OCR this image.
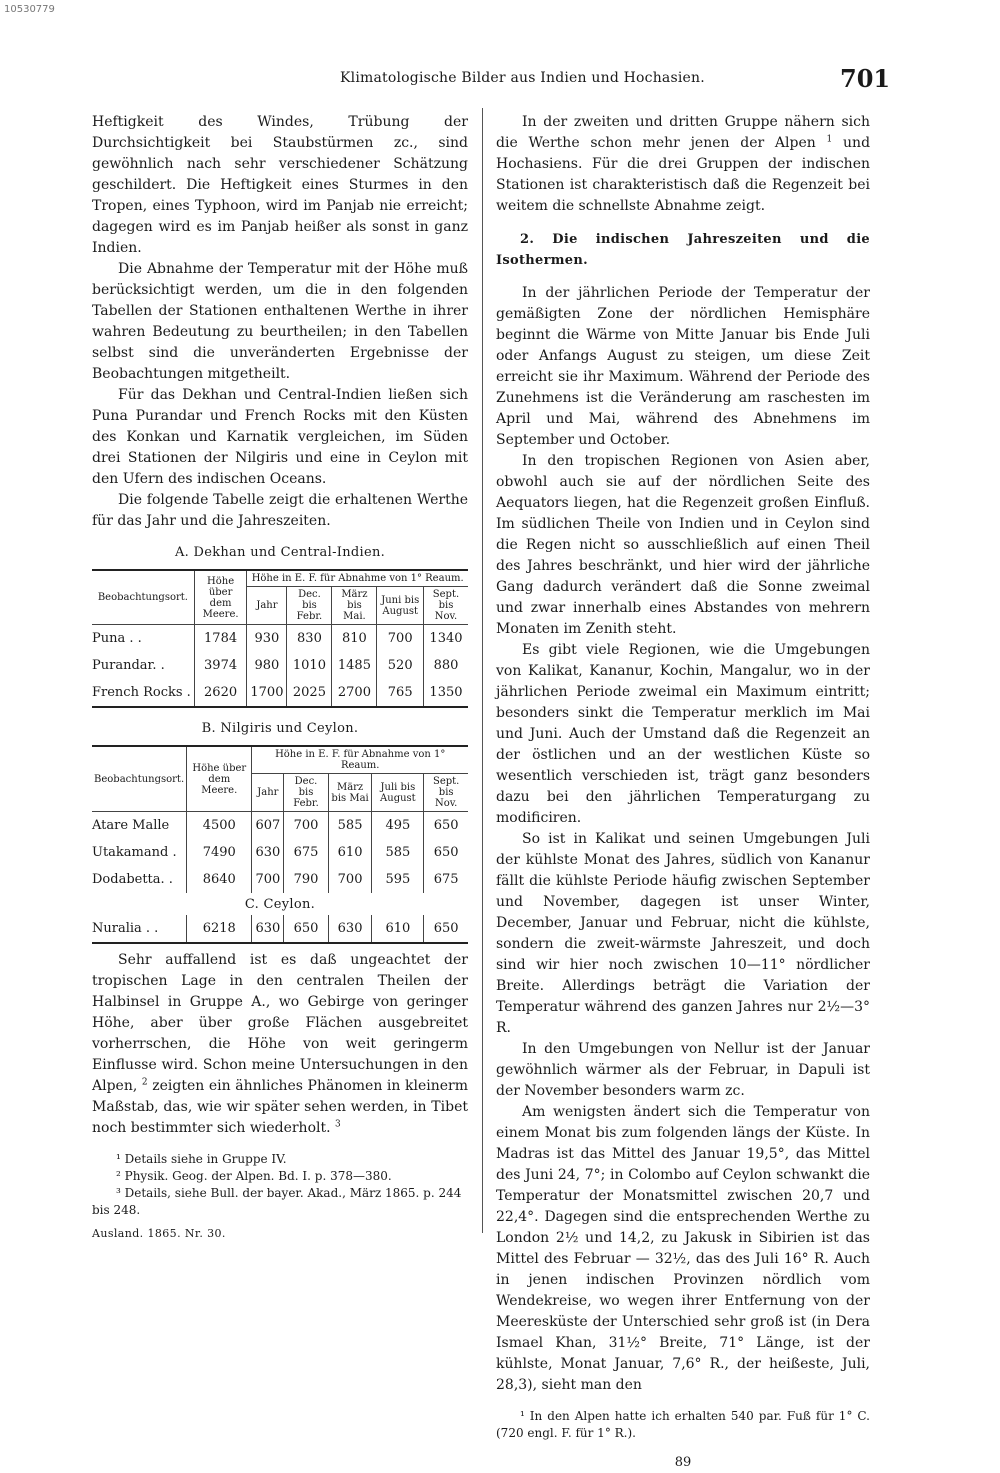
10530779
Klimatologische Bilder aus Indien und Hochasien.	701

Heftigkeit des Windes, Trübung der Durchsichtigkeit bei Staubstürmen zc., sind gewöhnlich nach sehr verschiedener Schätzung geschildert. Die Heftigkeit eines Sturmes in den Tropen, eines Typhoon, wird im Panjab nie erreicht; dagegen wird es im Panjab heißer als sonst in ganz Indien.

Die Abnahme der Temperatur mit der Höhe muß berücksichtigt werden, um die in den folgenden Tabellen der Stationen enthaltenen Werthe in ihrer wahren Bedeutung zu beurtheilen; in den Tabellen selbst sind die unveränderten Ergebnisse der Beobachtungen mitgetheilt.

Für das Dekhan und Central-Indien ließen sich Puna Purandar und French Rocks mit den Küsten des Konkan und Karnatik vergleichen, im Süden drei Stationen der Nilgiris und eine in Ceylon mit den Ufern des indischen Oceans.

Die folgende Tabelle zeigt die erhaltenen Werthe für das Jahr und die Jahreszeiten.

A. Dekhan und Central-Indien.
Beobachtungsort.	Höhe über dem Meere.	Höhe in E. F. für Abnahme von 1° Reaum.				
		Jahr	Dec. bis Febr.	März bis Mai.	Juni bis August	Sept. bis Nov.
Puna . .	1784	930	830	810	700	1340
Purandar. .	3974	980	1010	1485	520	880
French Rocks .	2620	1700	2025	2700	765	1350
B. Nilgiris und Ceylon.
Beobachtungsort.	Höhe über dem Meere.	Höhe in E. F. für Abnahme von 1° Reaum.				
		Jahr	Dec. bis Febr.	März bis Mai	Juli bis August	Sept. bis Nov.
Atare Malle	4500	607	700	585	495	650
Utakamand .	7490	630	675	610	585	650
Dodabetta. .	8640	700	790	700	595	675
C. Ceylon.						
Nuralia . .	6218	630	650	630	610	650

Sehr auffallend ist es daß ungeachtet der tropischen Lage in den centralen Theilen der Halbinsel in Gruppe A., wo Gebirge von geringer Höhe, aber über große Flächen ausgebreitet vorherrschen, die Höhe von weit geringerm Einflusse wird. Schon meine Untersuchungen in den Alpen, $^2$ zeigten ein ähnliches Phänomen in kleinerm Maßstab, das, wie wir später sehen werden, in Tibet noch bestimmter sich wiederholt. $^3$

¹ Details siehe in Gruppe IV.
² Physik. Geog. der Alpen. Bd. I. p. 378—380.
³ Details, siehe Bull. der bayer. Akad., März 1865. p. 244
bis 248.
Ausland. 1865. Nr. 30.

In der zweiten und dritten Gruppe nähern sich die Werthe schon mehr jenen der Alpen $^1$ und Hochasiens. Für die drei Gruppen der indischen Stationen ist charakteristisch daß die Regenzeit bei weitem die schnellste Abnahme zeigt.

2. Die indischen Jahreszeiten und die Isothermen.

In der jährlichen Periode der Temperatur der gemäßigten Zone der nördlichen Hemisphäre beginnt die Wärme von Mitte Januar bis Ende Juli oder Anfangs August zu steigen, um diese Zeit erreicht sie ihr Maximum. Während der Periode des Zunehmens ist die Veränderung am raschesten im April und Mai, während des Abnehmens im September und October.

In den tropischen Regionen von Asien aber, obwohl auch sie auf der nördlichen Seite des Aequators liegen, hat die Regenzeit großen Einfluß. Im südlichen Theile von Indien und in Ceylon sind die Regen nicht so ausschließlich auf einen Theil des Jahres beschränkt, und hier wird der jährliche Gang dadurch verändert daß die Sonne zweimal und zwar innerhalb eines Abstandes von mehrern Monaten im Zenith steht.

Es gibt viele Regionen, wie die Umgebungen von Kalikat, Kananur, Kochin, Mangalur, wo in der jährlichen Periode zweimal ein Maximum eintritt; besonders sinkt die Temperatur merklich im Mai und Juni. Auch der Umstand daß die Regenzeit an der östlichen und an der westlichen Küste so wesentlich verschieden ist, trägt ganz besonders dazu bei den jährlichen Temperaturgang zu modificiren.

So ist in Kalikat und seinen Umgebungen Juli der kühlste Monat des Jahres, südlich von Kananur fällt die kühlste Periode häufig zwischen September und November, dagegen ist unser Winter, December, Januar und Februar, nicht die kühlste, sondern die zweit-wärmste Jahreszeit, und doch sind wir hier noch zwischen 10—11° nördlicher Breite. Allerdings beträgt die Variation der Temperatur während des ganzen Jahres nur 2½—3° R.

In den Umgebungen von Nellur ist der Januar gewöhnlich wärmer als der Februar, in Dapuli ist der November besonders warm zc.

Am wenigsten ändert sich die Temperatur von einem Monat bis zum folgenden längs der Küste. In Madras ist das Mittel des Januar 19,5°, das Mittel des Juni 24, 7°; in Colombo auf Ceylon schwankt die Temperatur der Monatsmittel zwischen 20,7 und 22,4°. Dagegen sind die entsprechenden Werthe zu London 2½ und 14,2, zu Jakusk in Sibirien ist das Mittel des Februar — 32½, das des Juli 16° R. Auch in jenen indischen Provinzen nördlich vom Wendekreise, wo wegen ihrer Entfernung von der Meeresküste der Unterschied sehr groß ist (in Dera Ismael Khan, 31½° Breite, 71° Länge, ist der kühlste, Monat Januar, 7,6° R., der heißeste, Juli, 28,3), sieht man den

¹ In den Alpen hatte ich erhalten 540 par. Fuß für 1° C. (720 engl. F. für 1° R.).
89
